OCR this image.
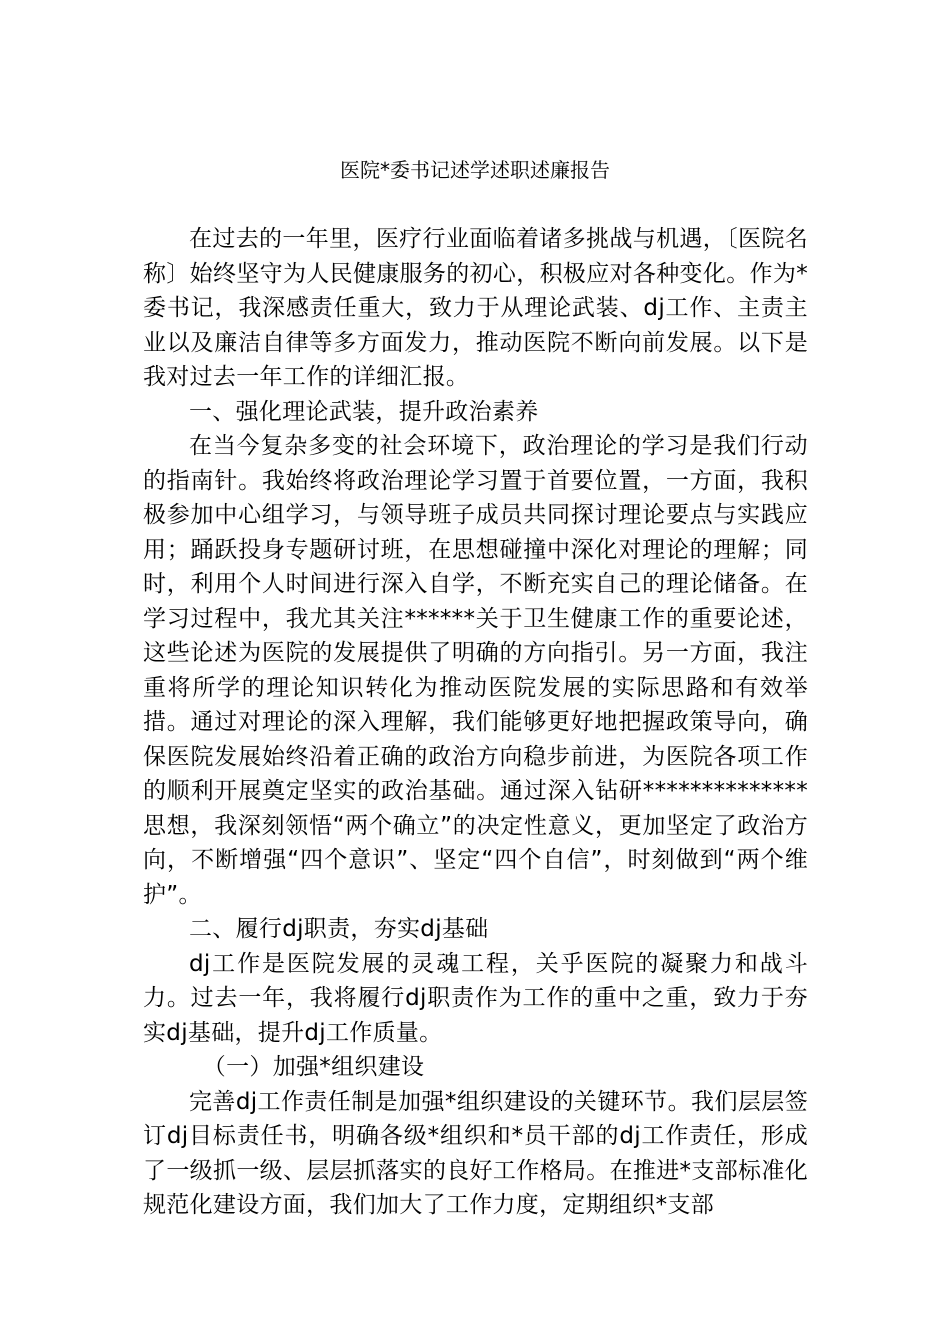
医院*委书记述学述职述廉报告

在过去的一年里，医疗行业面临着诸多挑战与机遇，〔医院名称〕始终坚守为人民健康服务的初心，积极应对各种变化。作为*委书记，我深感责任重大，致力于从理论武装、dj工作、主责主业以及廉洁自律等多方面发力，推动医院不断向前发展。以下是我对过去一年工作的详细汇报。

一、强化理论武装，提升政治素养

在当今复杂多变的社会环境下，政治理论的学习是我们行动的指南针。我始终将政治理论学习置于首要位置，一方面，我积极参加中心组学习，与领导班子成员共同探讨理论要点与实践应用；踊跃投身专题研讨班，在思想碰撞中深化对理论的理解；同时，利用个人时间进行深入自学，不断充实自己的理论储备。在学习过程中，我尤其关注******关于卫生健康工作的重要论述，这些论述为医院的发展提供了明确的方向指引。另一方面，我注重将所学的理论知识转化为推动医院发展的实际思路和有效举措。通过对理论的深入理解，我们能够更好地把握政策导向，确保医院发展始终沿着正确的政治方向稳步前进，为医院各项工作的顺利开展奠定坚实的政治基础。通过深入钻研**************思想，我深刻领悟“两个确立”的决定性意义，更加坚定了政治方向，不断增强“四个意识”、坚定“四个自信”，时刻做到“两个维护”。

二、履行dj职责，夯实dj基础

dj工作是医院发展的灵魂工程，关乎医院的凝聚力和战斗力。过去一年，我将履行dj职责作为工作的重中之重，致力于夯实dj基础，提升dj工作质量。

（一）加强*组织建设

完善dj工作责任制是加强*组织建设的关键环节。我们层层签订dj目标责任书，明确各级*组织和*员干部的dj工作责任，形成了一级抓一级、层层抓落实的良好工作格局。在推进*支部标准化规范化建设方面，我们加大了工作力度，定期组织*支部
